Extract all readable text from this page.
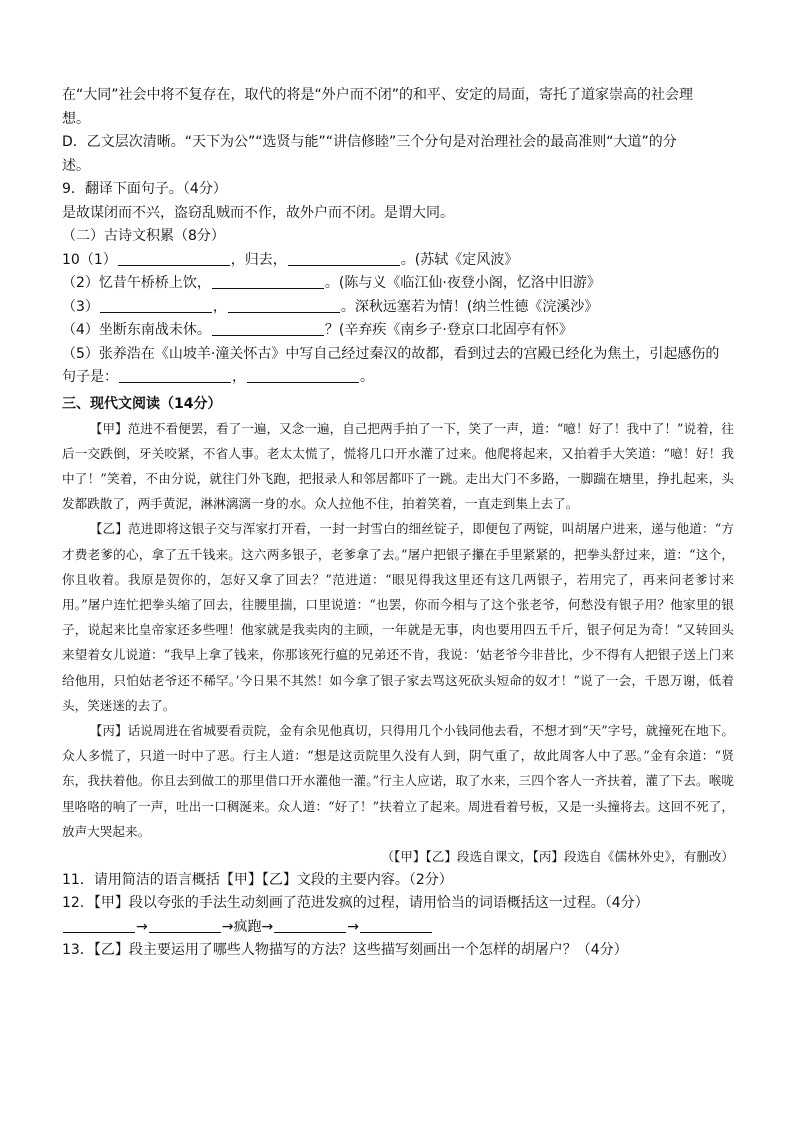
在“大同”社会中将不复存在，取代的将是“外户而不闭”的和平、安定的局面，寄托了道家崇高的社会理
想。
D．乙文层次清晰。“天下为公”“选贤与能”“讲信修睦”三个分句是对治理社会的最高准则“大道”的分
述。
9．翻译下面句子。（4分）
是故谋闭而不兴，盗窃乱贼而不作，故外户而不闭。是谓大同。
（二）古诗文积累（8分）
10（1）	，归去，	。(苏轼《定风波》
（2）忆昔午桥桥上饮，	。(陈与义《临江仙·夜登小阁，忆洛中旧游》
（3）	，	。深秋远塞若为情！(纳兰性德《浣溪沙》
（4）坐断东南战未休。	？(辛弃疾《南乡子·登京口北固亭有怀》
（5）张养浩在《山坡羊·潼关怀古》中写自己经过秦汉的故都，看到过去的宫殿已经化为焦土，引起感伤的
句子是：	，	。
三、现代文阅读（14分）

【甲】范进不看便罢，看了一遍，又念一遍，自己把两手拍了一下，笑了一声，道：“噫！好了！我中了！”说着，往后一交跌倒，牙关咬紧，不省人事。老太太慌了，慌将几口开水灌了过来。他爬将起来，又拍着手大笑道：“噫！好！我中了！”笑着，不由分说，就往门外飞跑，把报录人和邻居都吓了一跳。走出大门不多路，一脚踹在塘里，挣扎起来，头发都跌散了，两手黄泥，淋淋漓漓一身的水。众人拉他不住，拍着笑着，一直走到集上去了。

【乙】范进即将这银子交与浑家打开看，一封一封雪白的细丝锭子，即便包了两锭，叫胡屠户进来，递与他道：“方才费老爹的心，拿了五千钱来。这六两多银子，老爹拿了去。”屠户把银子攥在手里紧紧的，把拳头舒过来，道：“这个，你且收着。我原是贺你的，怎好又拿了回去？”范进道：“眼见得我这里还有这几两银子，若用完了，再来问老爹讨来用。”屠户连忙把拳头缩了回去，往腰里揣，口里说道：“也罢，你而今相与了这个张老爷，何愁没有银子用？他家里的银子，说起来比皇帝家还多些哩！他家就是我卖肉的主顾，一年就是无事，肉也要用四五千斤，银子何足为奇！”又转回头来望着女儿说道：“我早上拿了钱来，你那该死行瘟的兄弟还不肯，我说：‘姑老爷今非昔比，少不得有人把银子送上门来给他用，只怕姑老爷还不稀罕。’今日果不其然！如今拿了银子家去骂这死砍头短命的奴才！”说了一会，千恩万谢，低着头，笑迷迷的去了。

【丙】话说周进在省城要看贡院，金有余见他真切，只得用几个小钱同他去看，不想才到“天”字号，就撞死在地下。众人多慌了，只道一时中了恶。行主人道：“想是这贡院里久没有人到，阴气重了，故此周客人中了恶。”金有余道：“贤东，我扶着他。你且去到做工的那里借口开水灌他一灌。”行主人应诺，取了水来，三四个客人一齐扶着，灌了下去。喉咙里咯咯的响了一声，吐出一口稠涎来。众人道：“好了！”扶着立了起来。周进看着号板，又是一头撞将去。这回不死了，放声大哭起来。

（【甲】【乙】段选自课文，【丙】段选自《儒林外史》，有删改）
11．请用简洁的语言概括【甲】【乙】文段的主要内容。（2分）
12．【甲】段以夸张的手法生动刻画了范进发疯的过程，请用恰当的词语概括这一过程。（4分）
→	→疯跑→	→
13．【乙】段主要运用了哪些人物描写的方法？这些描写刻画出一个怎样的胡屠户？（4分）
